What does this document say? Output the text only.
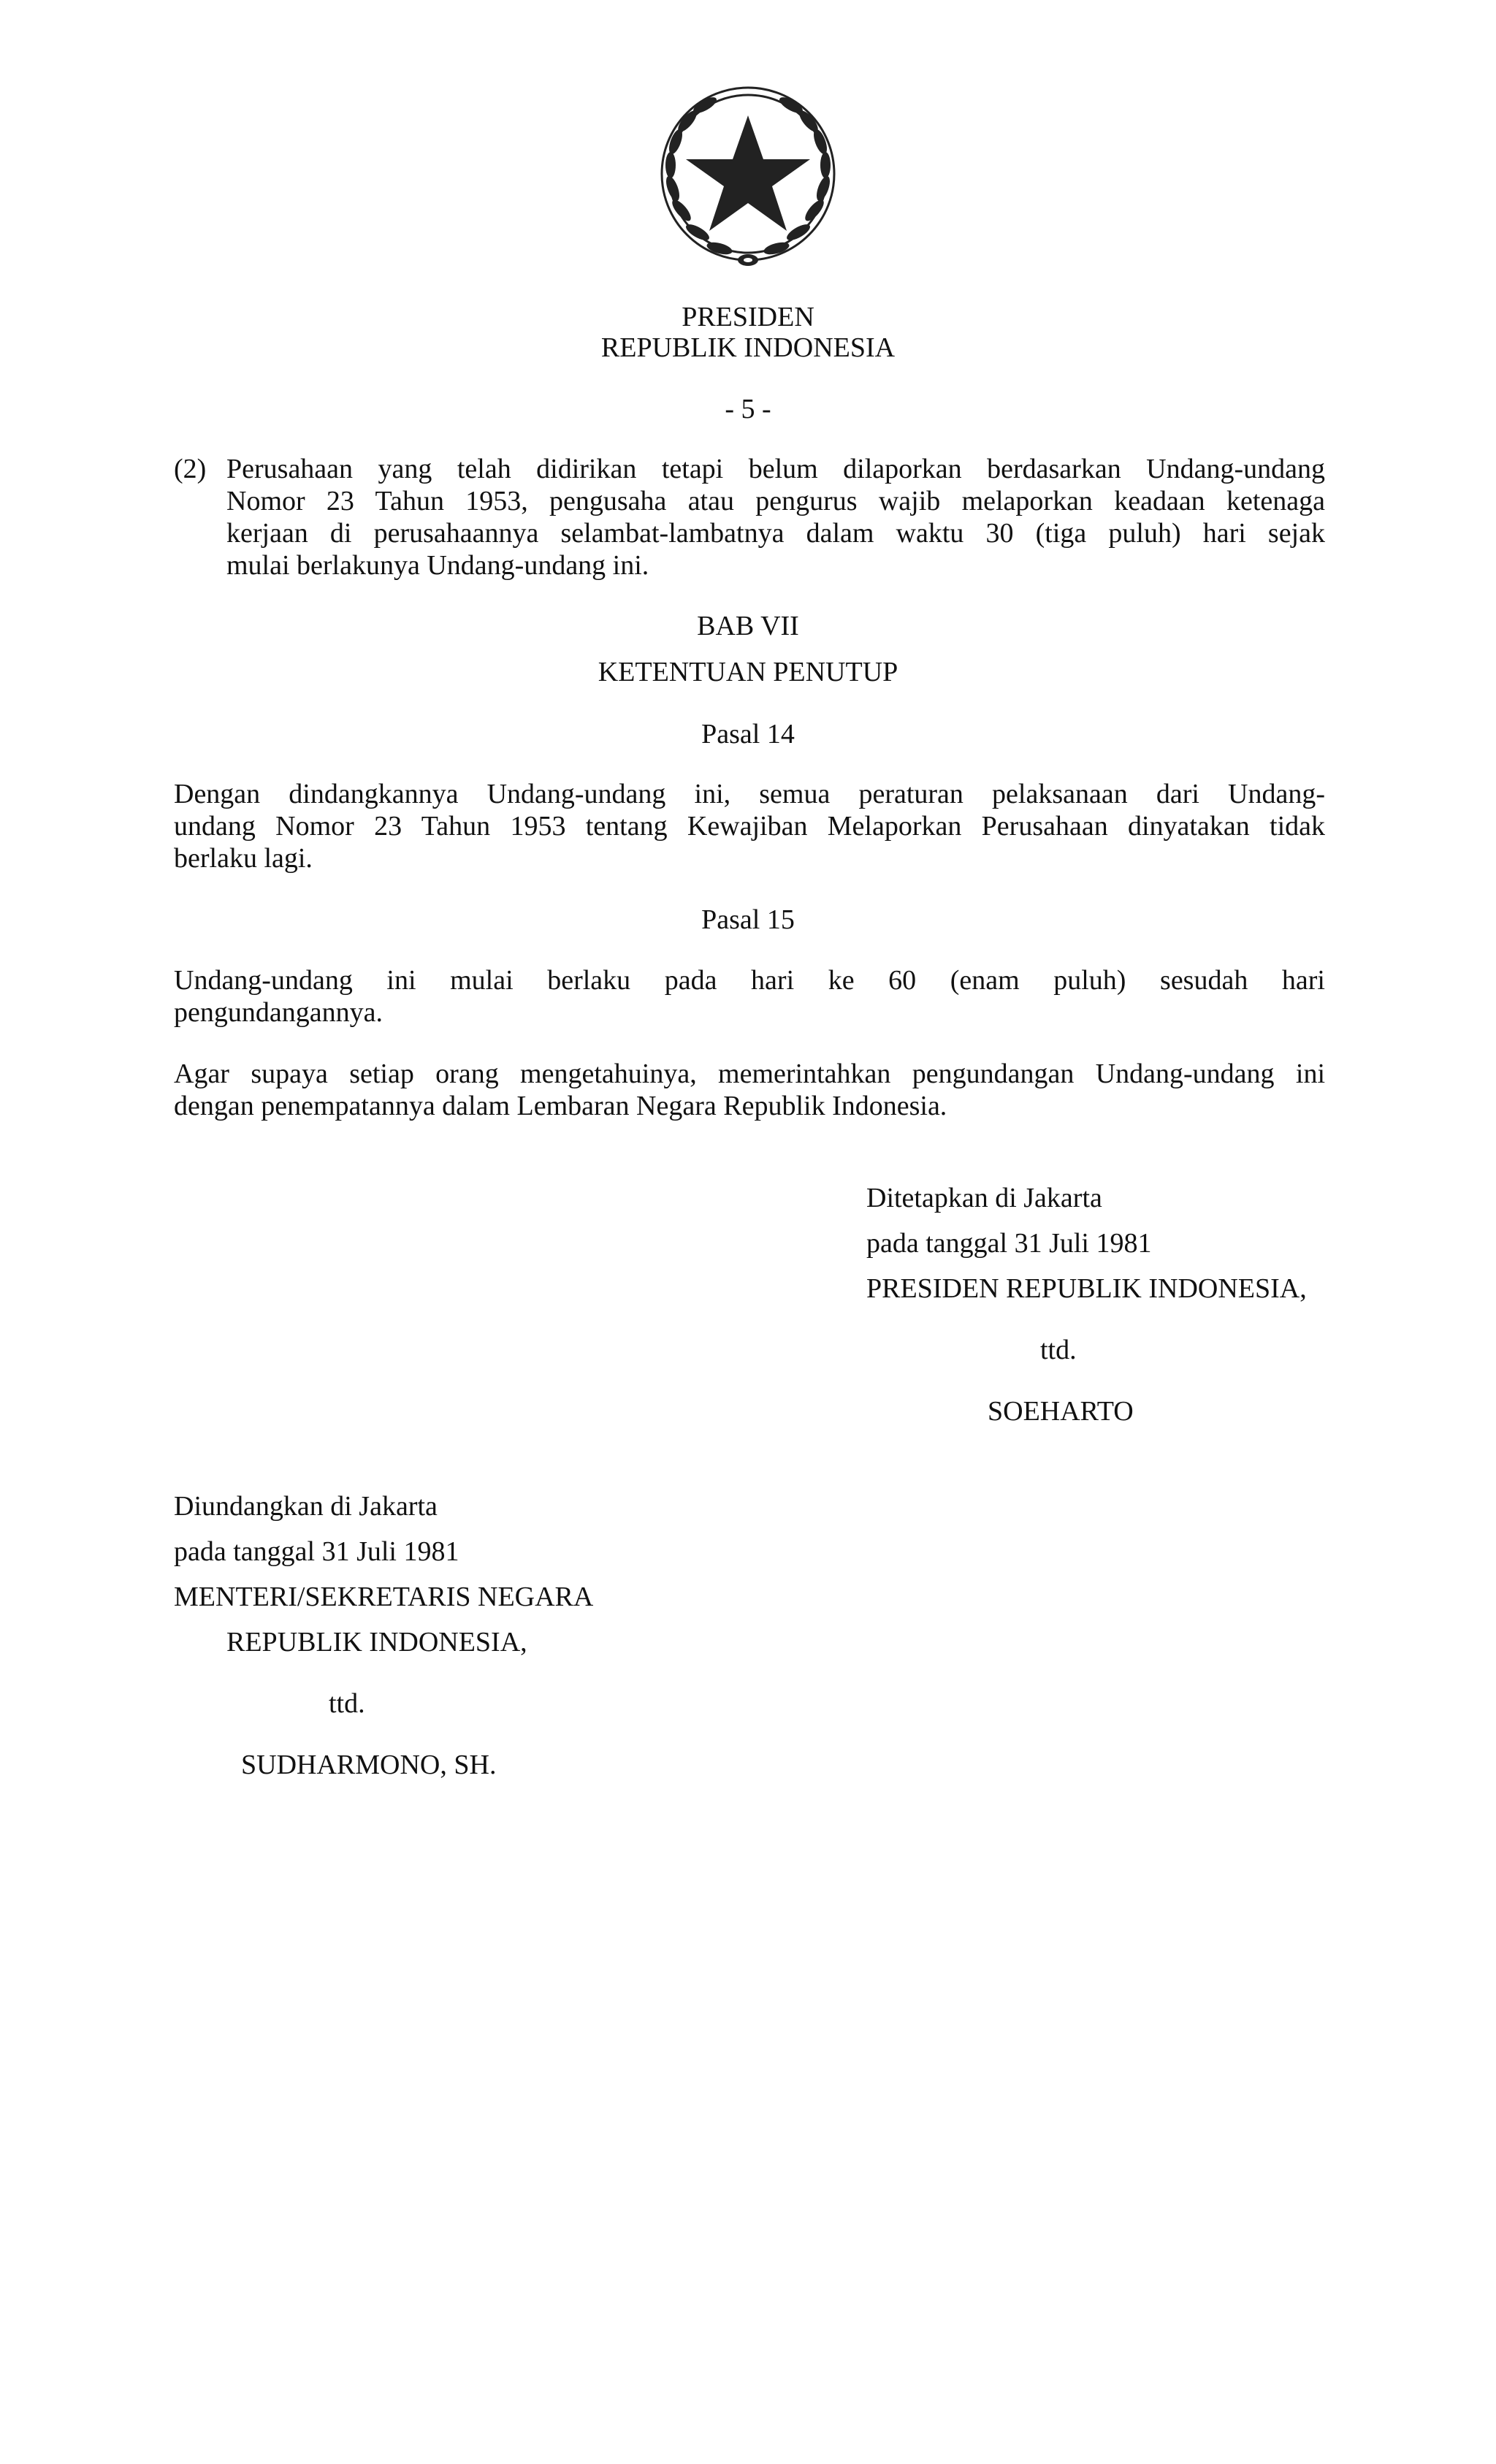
PRESIDEN
REPUBLIK INDONESIA
- 5 -
(2) Perusahaan yang telah didirikan tetapi belum dilaporkan berdasarkan Undang-undang
Nomor 23 Tahun 1953, pengusaha atau pengurus wajib melaporkan keadaan ketenaga
kerjaan di perusahaannya selambat-lambatnya dalam waktu 30 (tiga puluh) hari sejak
mulai berlakunya Undang-undang ini.
BAB VII
KETENTUAN PENUTUP
Pasal 14
Dengan dindangkannya Undang-undang ini, semua peraturan pelaksanaan dari Undang-
undang Nomor 23 Tahun 1953 tentang Kewajiban Melaporkan Perusahaan dinyatakan tidak
berlaku lagi.
Pasal 15
Undang-undang ini mulai berlaku pada hari ke 60 (enam puluh) sesudah hari
pengundangannya.
Agar supaya setiap orang mengetahuinya, memerintahkan pengundangan Undang-undang ini
dengan penempatannya dalam Lembaran Negara Republik Indonesia.
Ditetapkan di Jakarta
pada tanggal 31 Juli 1981
PRESIDEN REPUBLIK INDONESIA,
ttd.
SOEHARTO
Diundangkan di Jakarta
pada tanggal 31 Juli 1981
MENTERI/SEKRETARIS NEGARA
REPUBLIK INDONESIA,
ttd.
SUDHARMONO, SH.
